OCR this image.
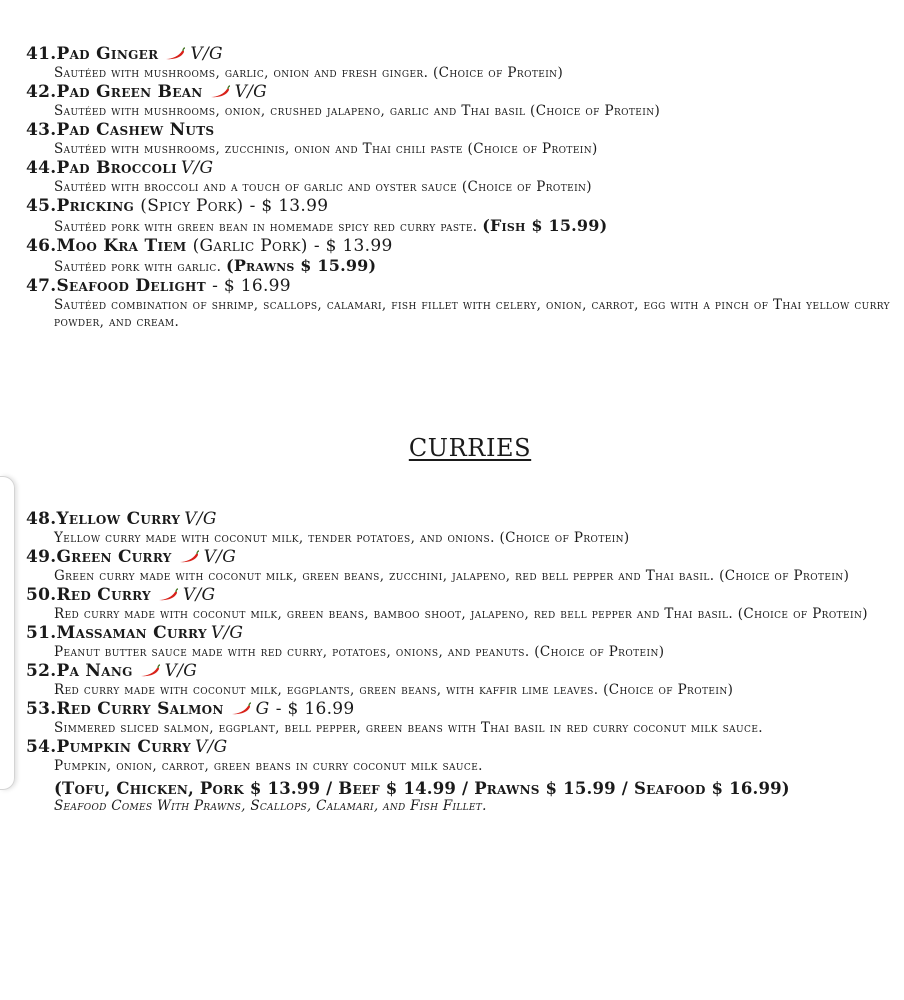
41.Pad Ginger V/G
Sautéed with mushrooms, garlic, onion and fresh ginger. (Choice of Protein)
42.Pad Green Bean V/G
Sautéed with mushrooms, onion, crushed jalapeno, garlic and Thai basil (Choice of Protein)
43.Pad Cashew Nuts
Sautéed with mushrooms, zucchinis, onion and Thai chili paste (Choice of Protein)
44.Pad Broccoli V/G
Sautéed with broccoli and a touch of garlic and oyster sauce (Choice of Protein)
45.Pricking (Spicy Pork) - $ 13.99
Sautéed pork with green bean in homemade spicy red curry paste. (Fish $ 15.99)
46.Moo Kra Tiem (Garlic Pork) - $ 13.99
Sautéed pork with garlic. (Prawns $ 15.99)
47.Seafood Delight - $ 16.99
Sautéed combination of shrimp, scallops, calamari, fish fillet with celery, onion, carrot, egg with a pinch of Thai yellow curry powder, and cream.
CURRIES
48.Yellow Curry V/G
Yellow curry made with coconut milk, tender potatoes, and onions. (Choice of Protein)
49.Green Curry V/G
Green curry made with coconut milk, green beans, zucchini, jalapeno, red bell pepper and Thai basil. (Choice of Protein)
50.Red Curry V/G
Red curry made with coconut milk, green beans, bamboo shoot, jalapeno, red bell pepper and Thai basil. (Choice of Protein)
51.Massaman Curry V/G
Peanut butter sauce made with red curry, potatoes, onions, and peanuts. (Choice of Protein)
52.Pa Nang V/G
Red curry made with coconut milk, eggplants, green beans, with kaffir lime leaves. (Choice of Protein)
53.Red Curry Salmon G - $ 16.99
Simmered sliced salmon, eggplant, bell pepper, green beans with Thai basil in red curry coconut milk sauce.
54.Pumpkin Curry V/G
Pumpkin, onion, carrot, green beans in curry coconut milk sauce.
(Tofu, Chicken, Pork $ 13.99 / Beef $ 14.99 / Prawns $ 15.99 / Seafood $ 16.99)
Seafood Comes With Prawns, Scallops, Calamari, and Fish Fillet.
